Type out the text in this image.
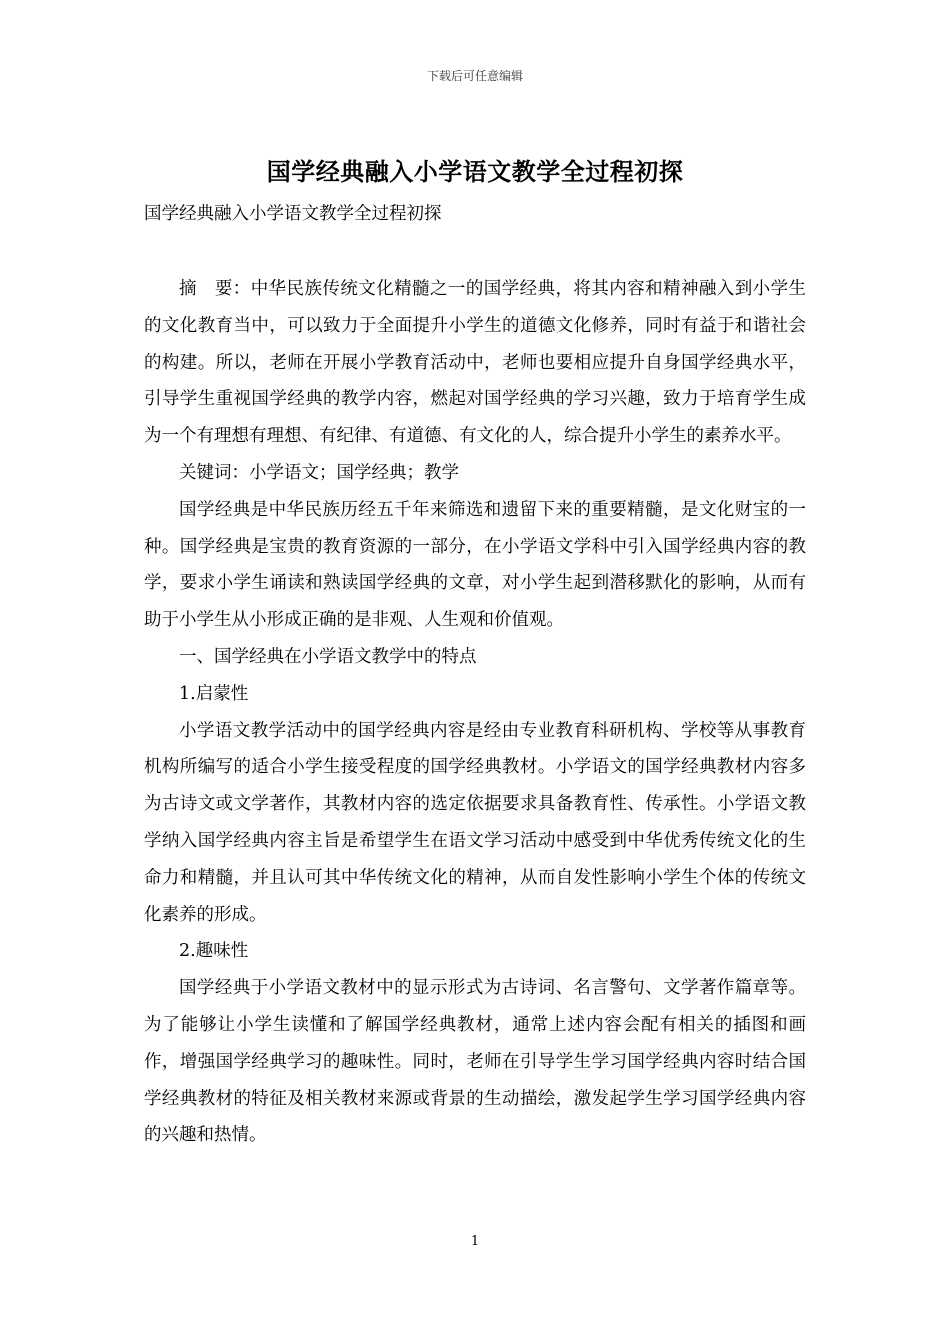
下载后可任意编辑
国学经典融入小学语文教学全过程初探
国学经典融入小学语文教学全过程初探

摘　要：中华民族传统文化精髓之一的国学经典，将其内容和精神融入到小学生的文化教育当中，可以致力于全面提升小学生的道德文化修养，同时有益于和谐社会的构建。所以，老师在开展小学教育活动中，老师也要相应提升自身国学经典水平，引导学生重视国学经典的教学内容，燃起对国学经典的学习兴趣，致力于培育学生成为一个有理想有理想、有纪律、有道德、有文化的人，综合提升小学生的素养水平。

关键词：小学语文；国学经典；教学

国学经典是中华民族历经五千年来筛选和遗留下来的重要精髓，是文化财宝的一种。国学经典是宝贵的教育资源的一部分，在小学语文学科中引入国学经典内容的教学，要求小学生诵读和熟读国学经典的文章，对小学生起到潜移默化的影响，从而有助于小学生从小形成正确的是非观、人生观和价值观。

一、国学经典在小学语文教学中的特点

1.启蒙性

小学语文教学活动中的国学经典内容是经由专业教育科研机构、学校等从事教育机构所编写的适合小学生接受程度的国学经典教材。小学语文的国学经典教材内容多为古诗文或文学著作，其教材内容的选定依据要求具备教育性、传承性。小学语文教学纳入国学经典内容主旨是希望学生在语文学习活动中感受到中华优秀传统文化的生命力和精髓，并且认可其中华传统文化的精神，从而自发性影响小学生个体的传统文化素养的形成。

2.趣味性

国学经典于小学语文教材中的显示形式为古诗词、名言警句、文学著作篇章等。为了能够让小学生读懂和了解国学经典教材，通常上述内容会配有相关的插图和画作，增强国学经典学习的趣味性。同时，老师在引导学生学习国学经典内容时结合国学经典教材的特征及相关教材来源或背景的生动描绘，激发起学生学习国学经典内容的兴趣和热情。

1
